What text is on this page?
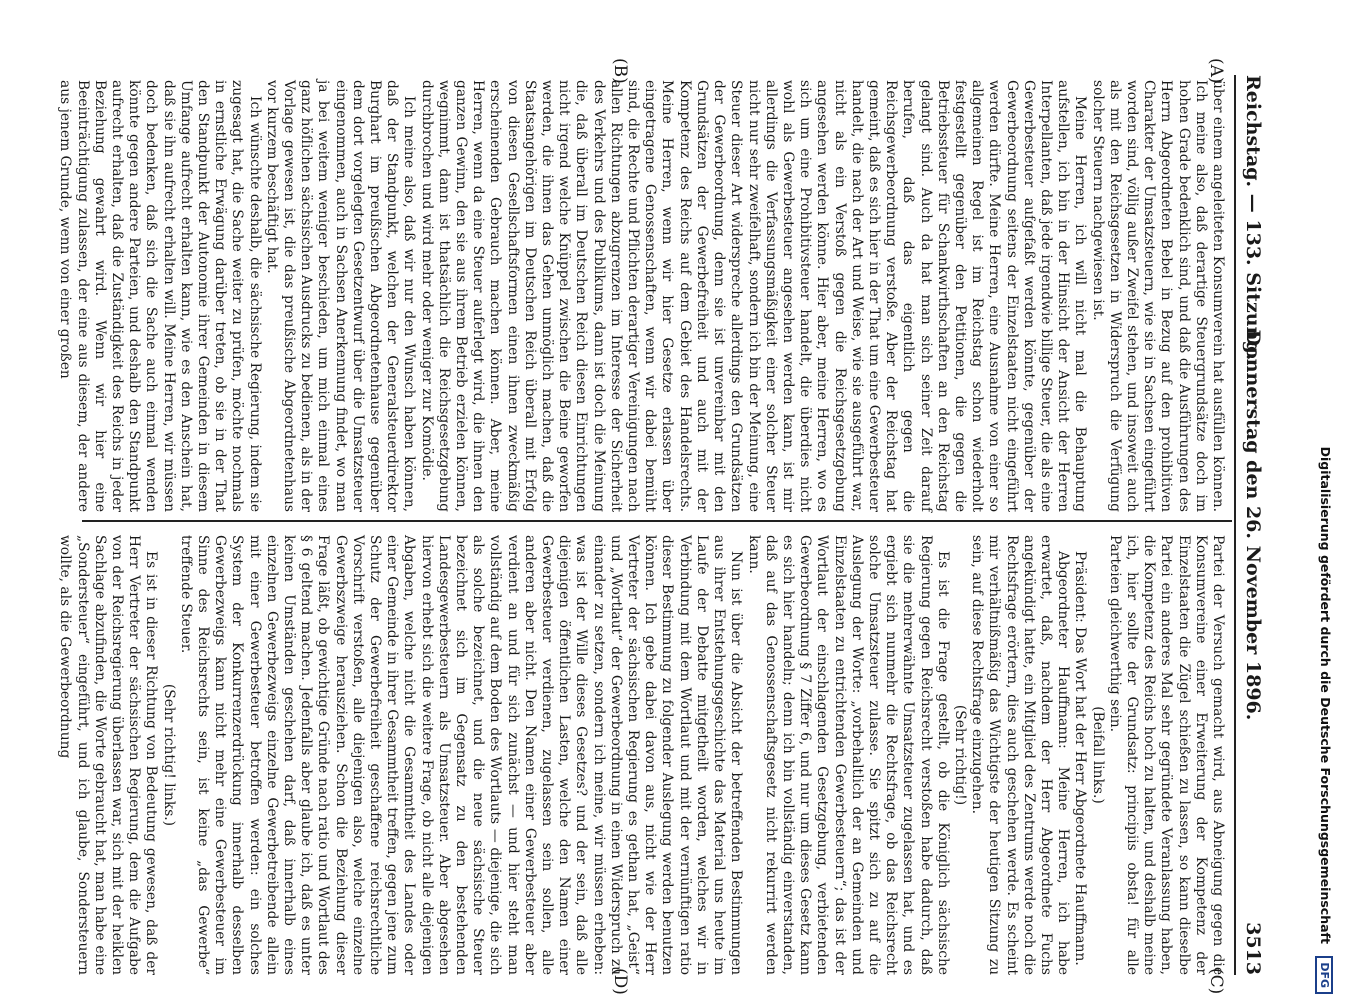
Reichstag. — 133. Sitzung.
Donnerstag den 26. November 1896.
3513
(A)
(B)
(C)
(D)

über einem angeleiteten Konsumverein hat ausfüllen können. Ich meine also, daß derartige Steuergrundsätze doch im hohen Grade bedenklich sind, und daß die Ausführungen des Herrn Abgeordneten Bebel in Bezug auf den prohibitiven Charakter der Umsatzsteuern, wie sie in Sachsen eingeführt worden sind, völlig außer Zweifel stehen, und insoweit auch als mit den Reichsgesetzen in Widerspruch die Verfügung solcher Steuern nachgewiesen ist.

Meine Herren, ich will nicht mal die Behauptung aufstellen, ich bin in der Hinsicht der Ansicht der Herren Interpellanten, daß jede irgendwie billige Steuer, die als eine Gewerbesteuer aufgefaßt werden könnte, gegenüber der Gewerbeordnung seitens der Einzelstaaten nicht eingeführt werden dürfte. Meine Herren, eine Ausnahme von einer so allgemeinen Regel ist im Reichstag schon wiederholt festgestellt gegenüber den Petitionen, die gegen die Betriebssteuer für Schankwirthschaften an den Reichstag gelangt sind. Auch da hat man sich seiner Zeit darauf berufen, daß das eigentlich gegen die Reichsgewerbeordnung verstoße. Aber der Reichstag hat gemeint, daß es sich hier in der That um eine Gewerbesteuer handelt, die nach der Art und Weise, wie sie ausgeführt war, nicht als ein Verstoß gegen die Reichsgesetzgebung angesehen werden könne. Hier aber, meine Herren, wo es sich um eine Prohibitivsteuer handelt, die überdies nicht wohl als Gewerbesteuer angesehen werden kann, ist mir allerdings die Verfassungsmäßigkeit einer solcher Steuer nicht nur sehr zweifelhaft, sondern ich bin der Meinung, eine Steuer dieser Art widerspreche allerdings den Grundsätzen der Gewerbeordnung, denn sie ist unvereinbar mit den Grundsätzen der Gewerbefreiheit und auch mit der Kompetenz des Reichs auf dem Gebiet des Handelsrechts. Meine Herren, wenn wir hier Gesetze erlassen über eingetragene Genossenschaften, wenn wir dabei bemüht sind, die Rechte und Pflichten derartiger Vereinigungen nach allen Richtungen abzugrenzen im Interesse der Sicherheit des Verkehrs und des Publikums, dann ist doch die Meinung die, daß überall im Deutschen Reich diesen Einrichtungen nicht irgend welche Knüppel zwischen die Beine geworfen werden, die ihnen das Gehen unmöglich machen, daß die Staatsangehörigen im Deutschen Reich überall mit Erfolg von diesen Gesellschaftsformen einen ihnen zweckmäßig erscheinenden Gebrauch machen können. Aber, meine Herren, wenn da eine Steuer auferlegt wird, die ihnen den ganzen Gewinn, den sie aus ihrem Betrieb erzielen können, wegnimmt, dann ist thatsächlich die Reichsgesetzgebung durchbrochen und wird mehr oder weniger zur Komödie.

Ich meine also, daß wir nur den Wunsch haben können, daß der Standpunkt, welchen der Generalsteuerdirektor Burghart im preußischen Abgeordnetenhause gegenüber dem dort vorgelegten Gesetzentwurf über die Umsatzsteuer eingenommen, auch in Sachsen Anerkennung findet, wo man ja bei weitem weniger beschieden, um mich einmal eines ganz höflichen sächsischen Ausdrucks zu bedienen, als in der Vorlage gewesen ist, die das preußische Abgeordnetenhaus vor kurzem beschäftigt hat.

Ich wünschte deshalb, die sächsische Regierung, indem sie zugesagt hat, die Sache weiter zu prüfen, möchte nochmals in ernstliche Erwägung darüber treten, ob sie in der That den Standpunkt der Autonomie ihrer Gemeinden in diesem Umfange aufrecht erhalten kann, wie es den Anschein hat, daß sie ihn aufrecht erhalten will. Meine Herren, wir müssen doch bedenken, daß sich die Sache auch einmal wenden könnte gegen andere Parteien, und deshalb den Standpunkt aufrecht erhalten, daß die Zuständigkeit des Reichs in jeder Beziehung gewahrt wird. Wenn wir hier eine Beeinträchtigung zulassen, der eine aus diesem, der andere aus jenem Grunde, wenn von einer großen

Partei der Versuch gemacht wird, aus Abneigung gegen die Konsumvereine einer Erweiterung der Kompetenz der Einzelstaaten die Zügel schießen zu lassen, so kann dieselbe Partei ein anderes Mal sehr gegründete Veranlassung haben, die Kompetenz des Reichs hoch zu halten, und deshalb meine ich, hier sollte der Grundsatz: principiis obsta! für alle Parteien gleichwerthig sein.

(Beifall links.)

Präsident: Das Wort hat der Herr Abgeordnete Hauffmann.

Abgeordneter Hauffmann: Meine Herren, ich habe erwartet, daß, nachdem der Herr Abgeordnete Fuchs angekündigt hatte, ein Mitglied des Zentrums werde noch die Rechtsfrage erörtern, dies auch geschehen werde. Es scheint mir verhältnißmäßig das Wichtigste der heutigen Sitzung zu sein, auf diese Rechtsfrage einzugehen.

(Sehr richtig!)

Es ist die Frage gestellt, ob die Königlich sächsische Regierung gegen Reichsrecht verstoßen habe dadurch, daß sie die mehrerwähnte Umsatzsteuer zugelassen hat, und es ergiebt sich nunmehr die Rechtsfrage, ob das Reichsrecht solche Umsatzsteuer zulasse. Sie spitzt sich zu auf die Auslegung der Worte: „vorbehaltlich der an Gemeinden und Einzelstaaten zu entrichtenden Gewerbesteuern“; das ist der Wortlaut der einschlagenden Gesetzgebung, verbietenden Gewerbeordnung § 7 Ziffer 6, und nur um dieses Gesetz kann es sich hier handeln; denn ich bin vollständig einverstanden, daß auf das Genossenschaftsgesetz nicht rekurrirt werden kann.

Nun ist über die Absicht der betreffenden Bestimmungen aus ihrer Entstehungsgeschichte das Material uns heute im Laufe der Debatte mitgetheilt worden, welches wir in Verbindung mit dem Wortlaut und mit der vernünftigen ratio dieser Bestimmung zu folgender Auslegung werden benutzen können. Ich gebe dabei davon aus, nicht wie der Herr Vertreter der sächsischen Regierung es gethan hat, „Geist“ und „Wortlaut“ der Gewerbeordnung in einen Widerspruch zu einander zu setzen, sondern ich meine, wir müssen erheben: was ist der Wille dieses Gesetzes? und der sein, daß alle diejenigen öffentlichen Lasten, welche den Namen einer Gewerbesteuer verdienen, zugelassen sein sollen, alle anderen aber nicht. Den Namen einer Gewerbesteuer aber verdient an und für sich zunächst — und hier steht man vollständig auf dem Boden des Wortlauts — diejenige, die sich als solche bezeichnet, und die neue sächsische Steuer bezeichnet sich im Gegensatz zu den bestehenden Landesgewerbesteuern als Umsatzsteuer. Aber abgesehen hiervon erhebt sich die weitere Frage, ob nicht alle diejenigen Abgaben, welche nicht die Gesammtheit des Landes oder einer Gemeinde in ihrer Gesammtheit treffen, gegen jene zum Schutz der Gewerbefreiheit geschaffene reichsrechtliche Vorschrift verstoßen, alle diejenigen also, welche einzelne Gewerbszweige herausziehen. Schon die Beziehung dieser Frage läßt, ob gewichtige Gründe nach ratio und Wortlaut des § 6 geltend machen. Jedenfalls aber glaube ich, daß es unter keinen Umständen geschehen darf, daß innerhalb eines einzelnen Gewerbezweigs einzelne Gewerbetreibende allein mit einer Gewerbesteuer betroffen werden: ein solches System der Konkurrenzerdrückung innerhalb desselben Gewerbezweigs kann nicht mehr eine Gewerbesteuer im Sinne des Reichsrechts sein, ist keine „das Gewerbe“ treffende Steuer.

(Sehr richtig! links.)

Es ist in dieser Richtung von Bedeutung gewesen, daß der Herr Vertreter der sächsischen Regierung, dem die Aufgabe von der Reichsregierung überlassen war, sich mit der heiklen Sachlage abzufinden, die Worte gebraucht hat, man habe eine „Sondersteuer“ eingeführt, und ich glaube, Sondersteuern wollte, als die Gewerbeordnung	Digitalisierung gefördert durch die Deutsche Forschungsgemeinschaft DFG
